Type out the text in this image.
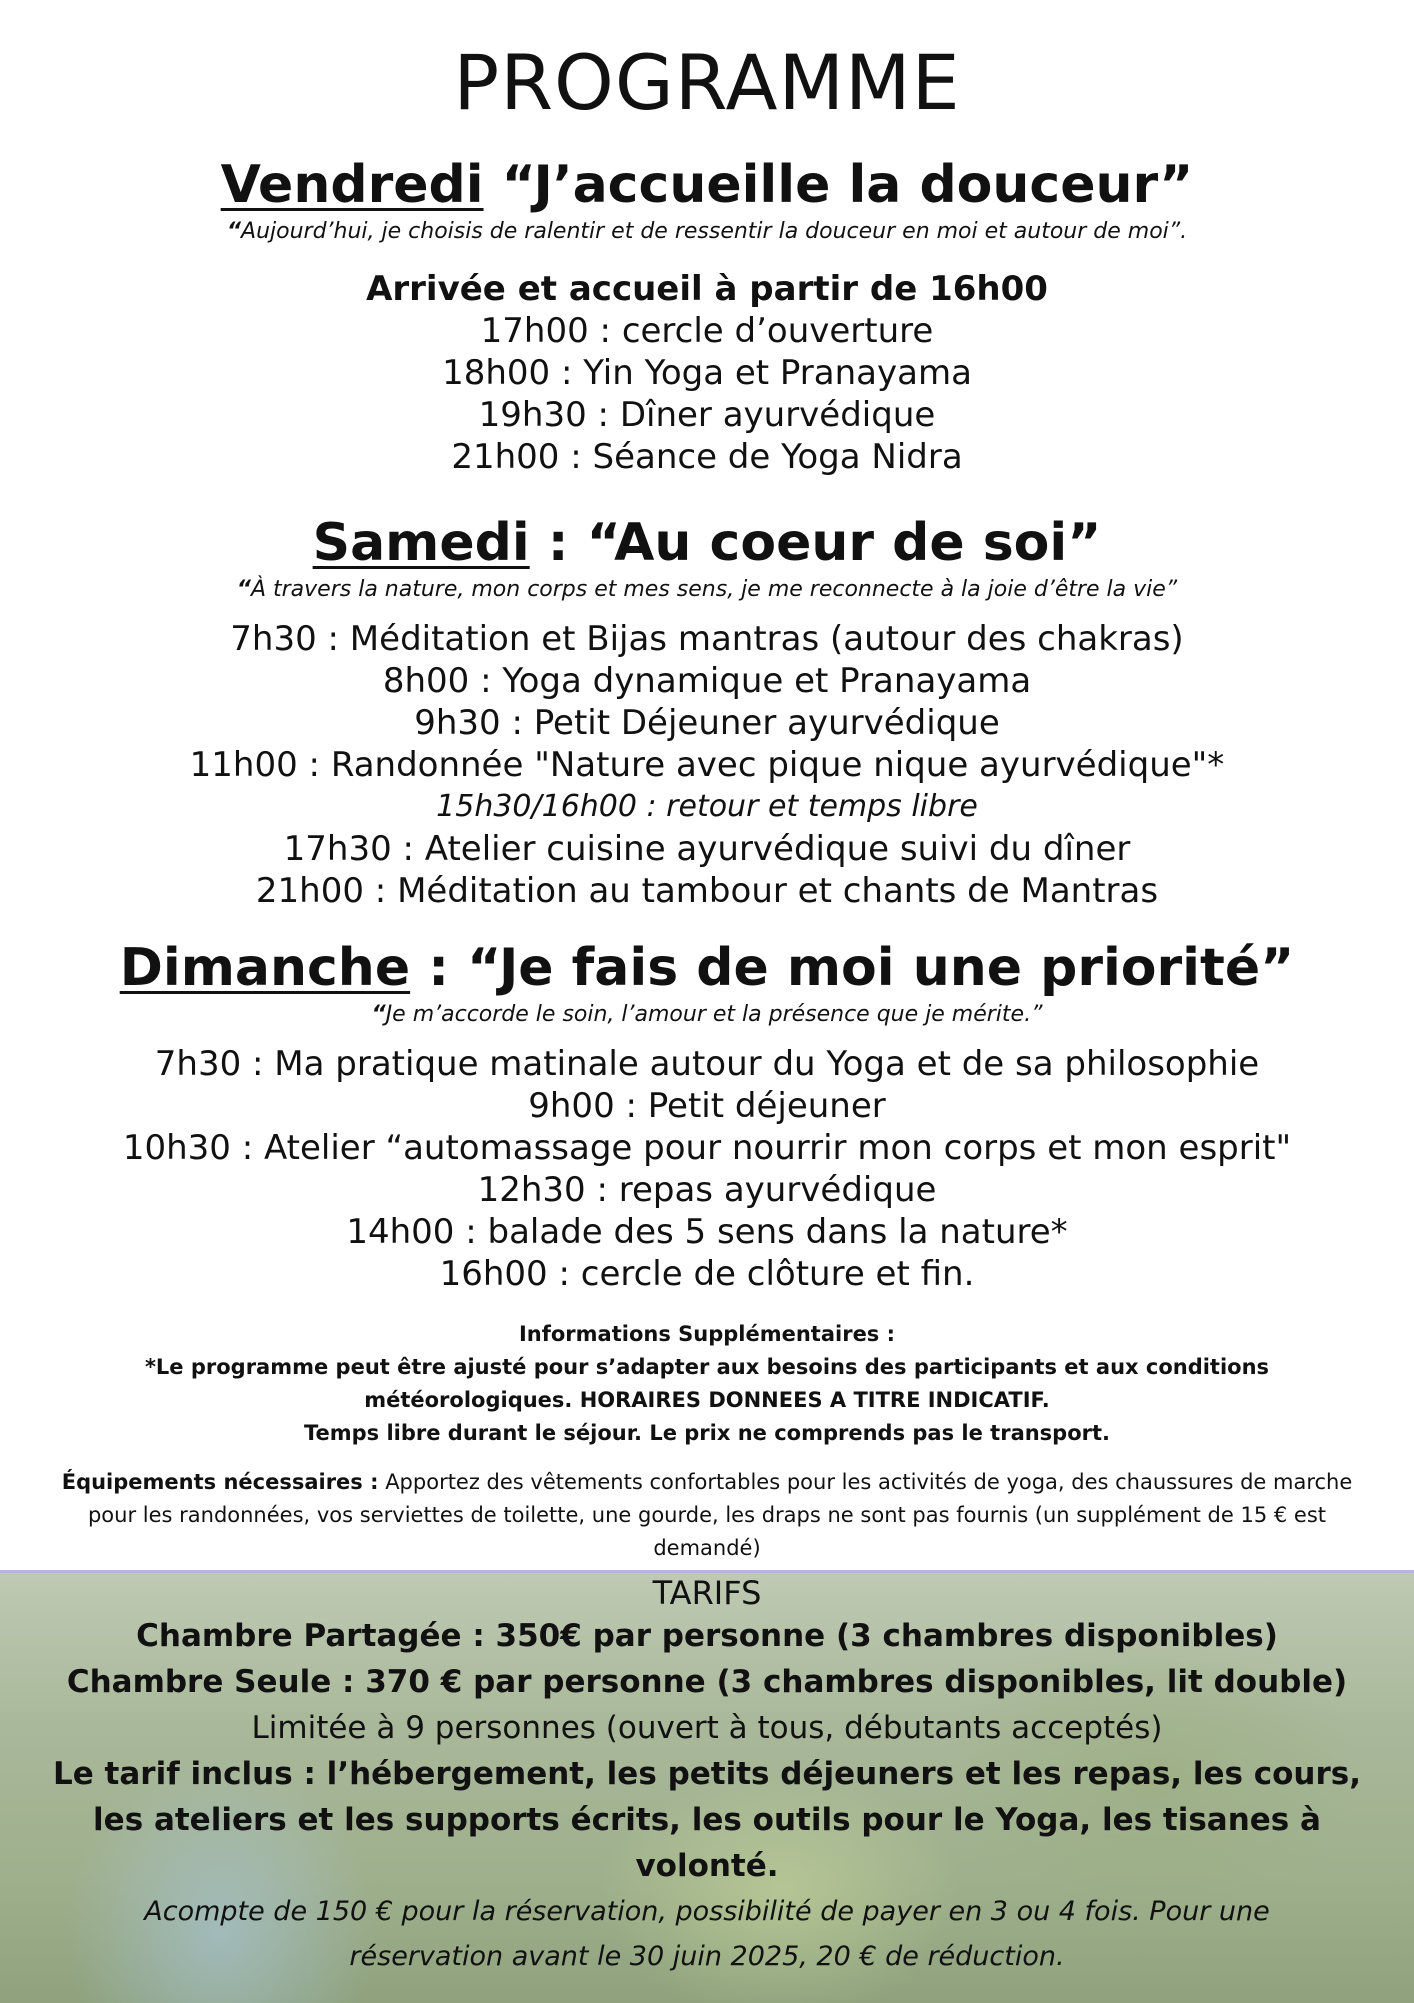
PROGRAMME
Vendredi “J’accueille la douceur”

“Aujourd’hui, je choisis de ralentir et de ressentir la douceur en moi et autour de moi”.

Arrivée et accueil à partir de 16h00

17h00 : cercle d’ouverture

18h00 : Yin Yoga et Pranayama

19h30 : Dîner ayurvédique

21h00 : Séance de Yoga Nidra

Samedi : “Au coeur de soi”

“À travers la nature, mon corps et mes sens, je me reconnecte à la joie d’être la vie”

7h30 : Méditation et Bijas mantras (autour des chakras)

8h00 : Yoga dynamique et Pranayama

9h30 : Petit Déjeuner ayurvédique

11h00 : Randonnée "Nature avec pique nique ayurvédique"*

15h30/16h00 : retour et temps libre

17h30 : Atelier cuisine ayurvédique suivi du dîner

21h00 : Méditation au tambour et chants de Mantras

Dimanche : “Je fais de moi une priorité”

“Je m’accorde le soin, l’amour et la présence que je mérite.”

7h30 : Ma pratique matinale autour du Yoga et de sa philosophie

9h00 : Petit déjeuner

10h30 : Atelier “automassage pour nourrir mon corps et mon esprit"

12h30 : repas ayurvédique

14h00 : balade des 5 sens dans la nature*

16h00 : cercle de clôture et fin.

Informations Supplémentaires :

*Le programme peut être ajusté pour s’adapter aux besoins des participants et aux conditions météorologiques. HORAIRES DONNEES A TITRE INDICATIF.

Temps libre durant le séjour. Le prix ne comprends pas le transport.

Équipements nécessaires : Apportez des vêtements confortables pour les activités de yoga, des chaussures de marche pour les randonnées, vos serviettes de toilette, une gourde, les draps ne sont pas fournis (un supplément de 15 € est demandé)

TARIFS

Chambre Partagée : 350€ par personne (3 chambres disponibles)

Chambre Seule : 370 € par personne (3 chambres disponibles, lit double)

Limitée à 9 personnes (ouvert à tous, débutants acceptés)

Le tarif inclus : l’hébergement, les petits déjeuners et les repas, les cours, les ateliers et les supports écrits, les outils pour le Yoga, les tisanes à volonté.

Acompte de 150 € pour la réservation, possibilité de payer en 3 ou 4 fois. Pour une réservation avant le 30 juin 2025, 20 € de réduction.
